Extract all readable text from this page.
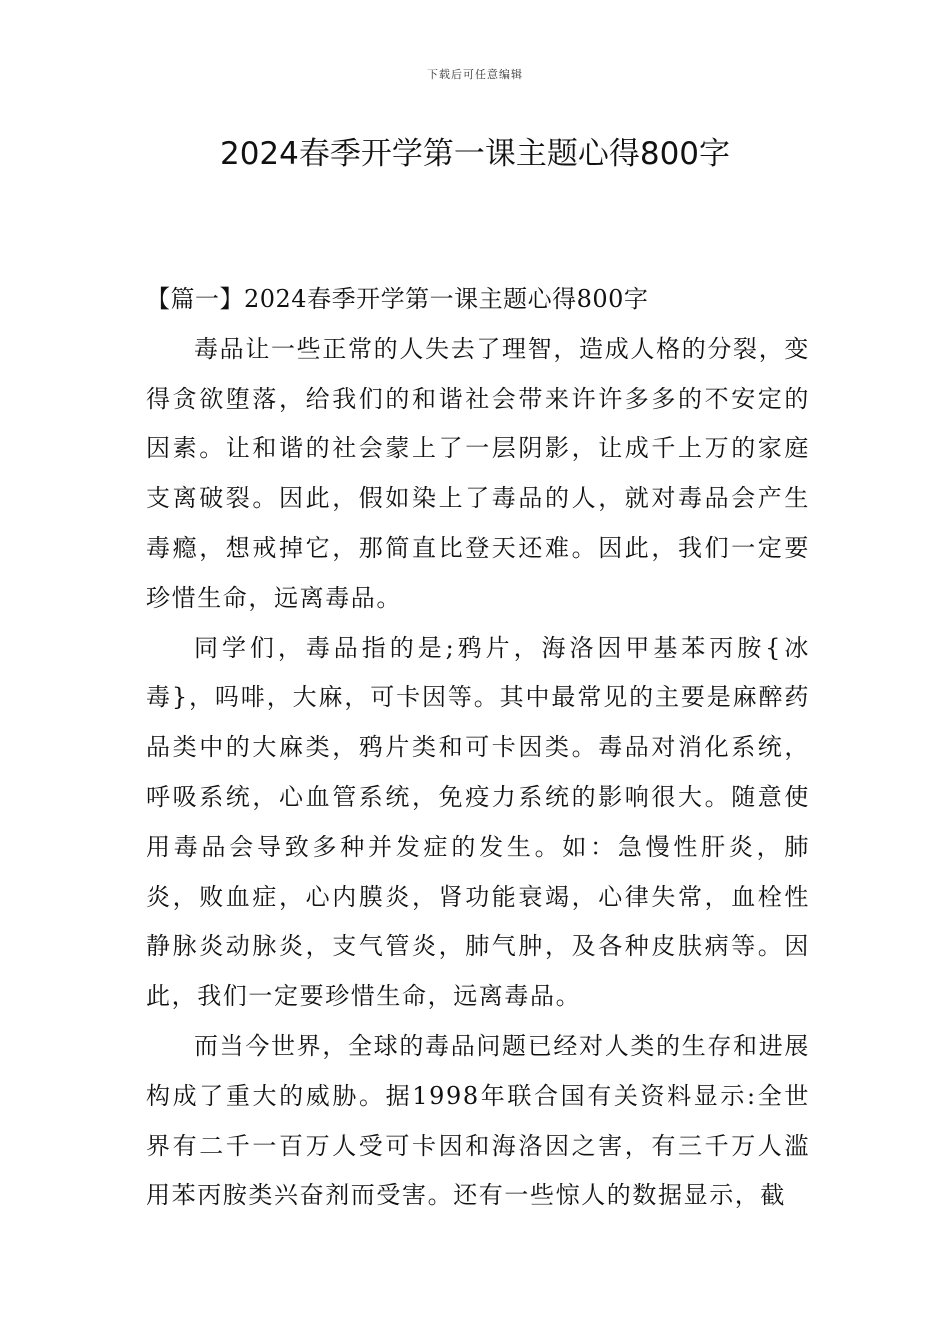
下载后可任意编辑
2024春季开学第一课主题心得800字

【篇一】2024春季开学第一课主题心得800字

毒品让一些正常的人失去了理智，造成人格的分裂，变得贪欲堕落，给我们的和谐社会带来许许多多的不安定的因素。让和谐的社会蒙上了一层阴影，让成千上万的家庭支离破裂。因此，假如染上了毒品的人，就对毒品会产生毒瘾，想戒掉它，那简直比登天还难。因此，我们一定要珍惜生命，远离毒品。

同学们，毒品指的是;鸦片，海洛因甲基苯丙胺{冰毒}，吗啡，大麻，可卡因等。其中最常见的主要是麻醉药品类中的大麻类，鸦片类和可卡因类。毒品对消化系统，呼吸系统，心血管系统，免疫力系统的影响很大。随意使用毒品会导致多种并发症的发生。如：急慢性肝炎，肺炎，败血症，心内膜炎，肾功能衰竭，心律失常，血栓性静脉炎动脉炎，支气管炎，肺气肿，及各种皮肤病等。因此，我们一定要珍惜生命，远离毒品。

而当今世界，全球的毒品问题已经对人类的生存和进展构成了重大的威胁。据1998年联合国有关资料显示:全世界有二千一百万人受可卡因和海洛因之害，有三千万人滥用苯丙胺类兴奋剂而受害。还有一些惊人的数据显示，截
